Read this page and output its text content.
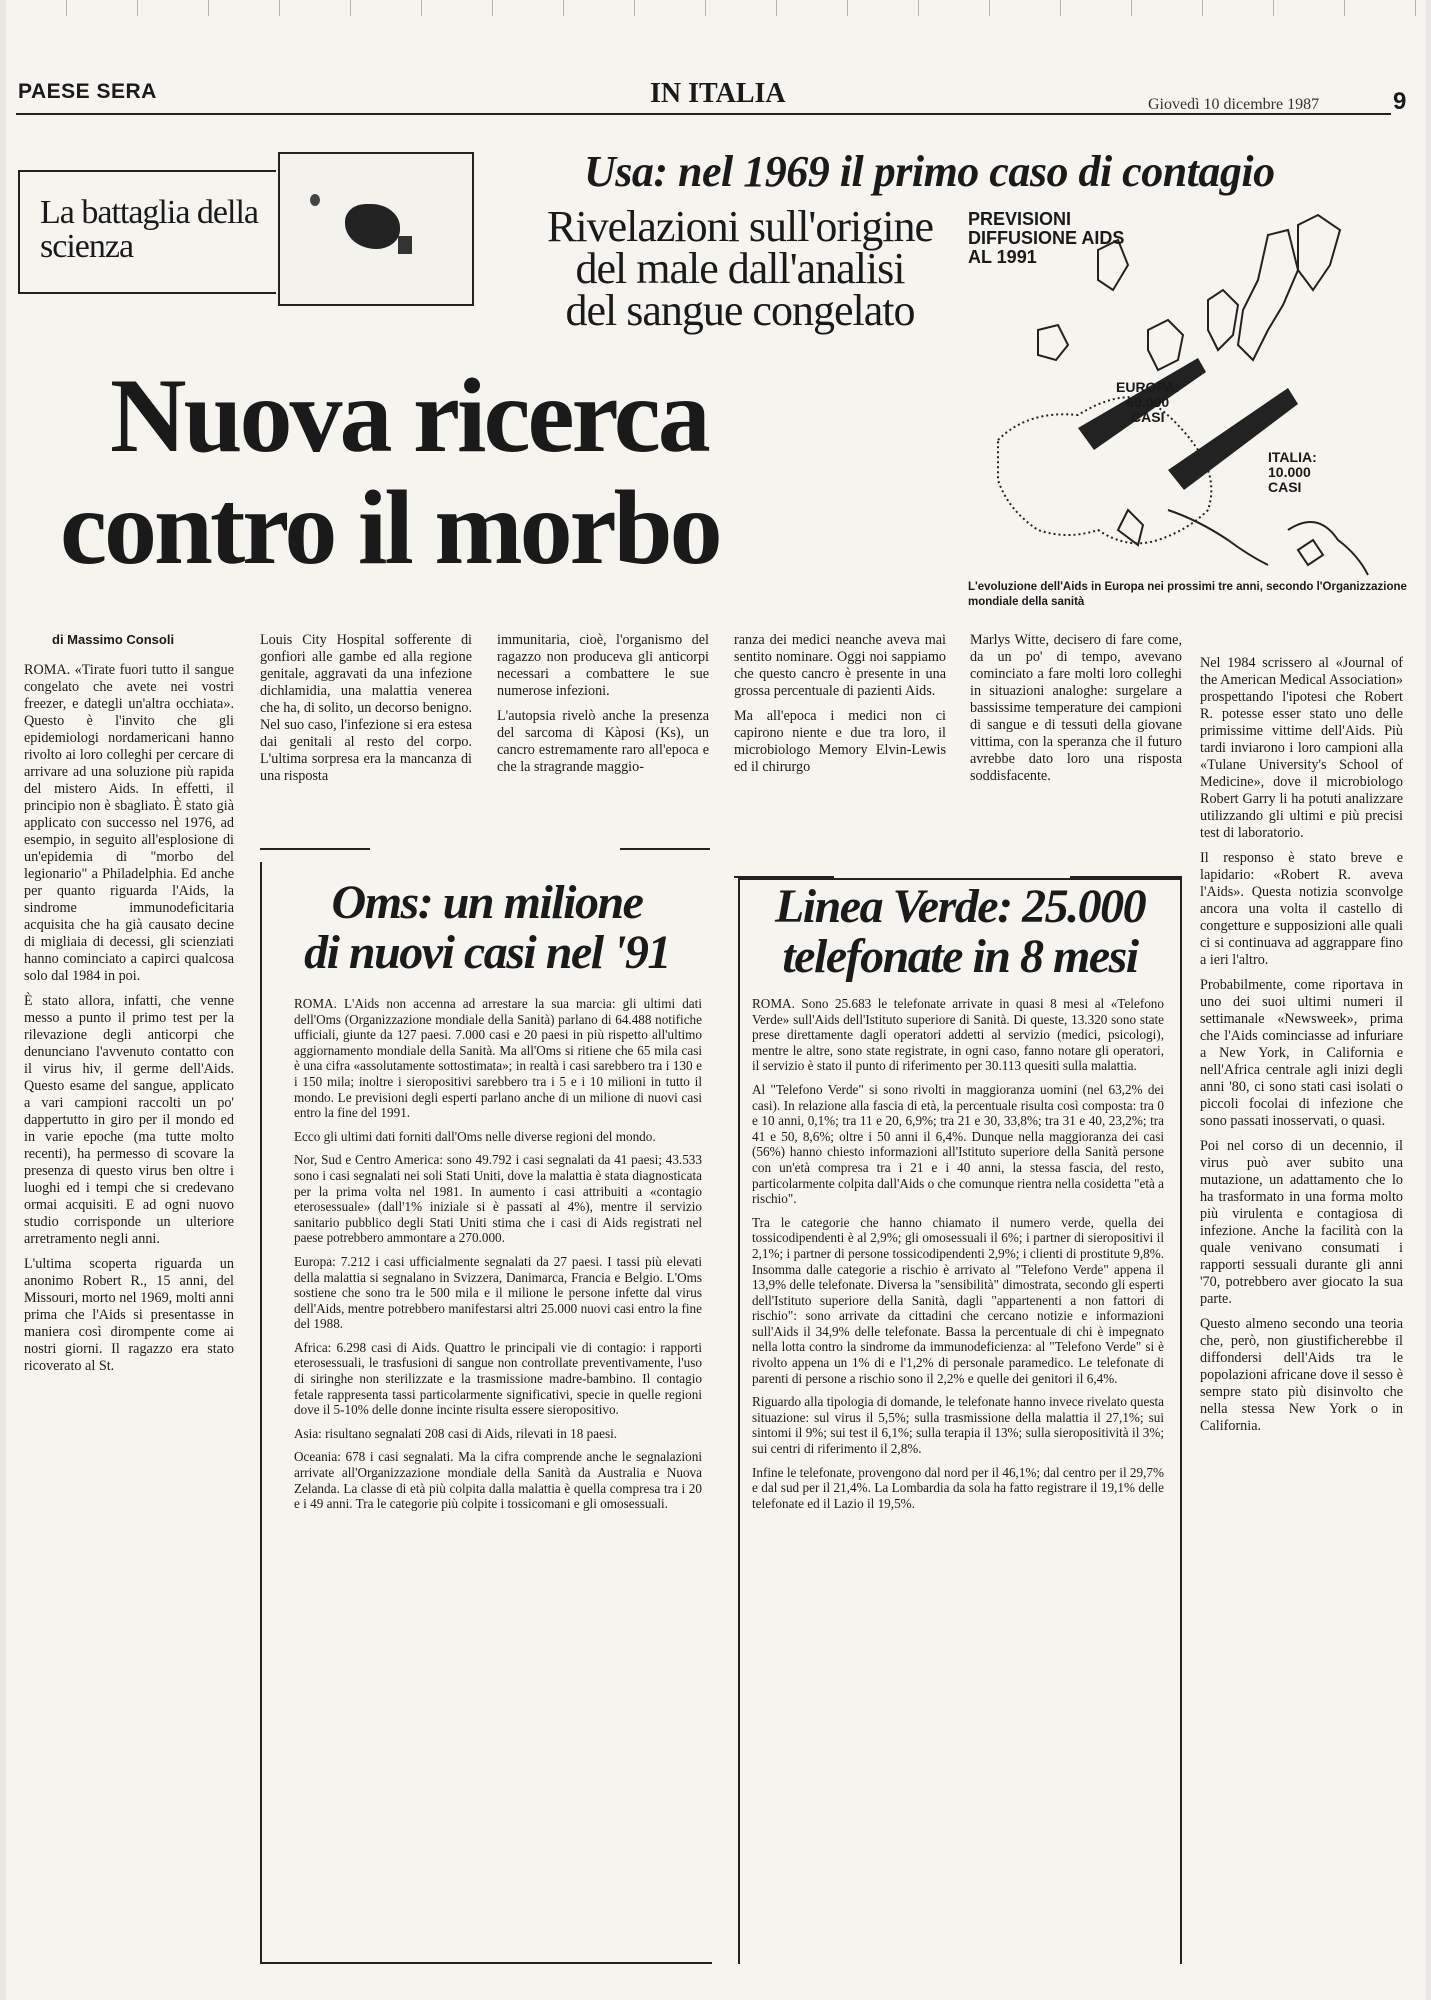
PAESE SERA	IN ITALIA	Giovedì 10 dicembre 1987	9
La battaglia della scienza
Usa: nel 1969 il primo caso di contagio
Rivelazioni sull'origine
del male dall'analisi
del sangue congelato
Nuova ricerca
contro il morbo
PREVISIONI
DIFFUSIONE AIDS
AL 1991
EUROPA:
60.000
CASI
ITALIA:
10.000
CASI
L'evoluzione dell'Aids in Europa nei prossimi tre anni, secondo l'Organizzazione mondiale della sanità
di Massimo Consoli

ROMA. «Tirate fuori tutto il sangue congelato che avete nei vostri freezer, e dategli un'altra occhiata». Questo è l'invito che gli epidemiologi nordamericani hanno rivolto ai loro colleghi per cercare di arrivare ad una soluzione più rapida del mistero Aids. In effetti, il principio non è sbagliato. È stato già applicato con successo nel 1976, ad esempio, in seguito all'esplosione di un'epidemia di "morbo del legionario" a Philadelphia. Ed anche per quanto riguarda l'Aids, la sindrome immunodeficitaria acquisita che ha già causato decine di migliaia di decessi, gli scienziati hanno cominciato a capirci qualcosa solo dal 1984 in poi.

È stato allora, infatti, che venne messo a punto il primo test per la rilevazione degli anticorpi che denunciano l'avvenuto contatto con il virus hiv, il germe dell'Aids. Questo esame del sangue, applicato a vari campioni raccolti un po' dappertutto in giro per il mondo ed in varie epoche (ma tutte molto recenti), ha permesso di scovare la presenza di questo virus ben oltre i luoghi ed i tempi che si credevano ormai acquisiti. E ad ogni nuovo studio corrisponde un ulteriore arretramento negli anni.

L'ultima scoperta riguarda un anonimo Robert R., 15 anni, del Missouri, morto nel 1969, molti anni prima che l'Aids si presentasse in maniera così dirompente come ai nostri giorni. Il ragazzo era stato ricoverato al St.

Louis City Hospital sofferente di gonfiori alle gambe ed alla regione genitale, aggravati da una infezione dichlamidia, una malattia venerea che ha, di solito, un decorso benigno. Nel suo caso, l'infezione si era estesa dai genitali al resto del corpo. L'ultima sorpresa era la mancanza di una risposta

immunitaria, cioè, l'organismo del ragazzo non produceva gli anticorpi necessari a combattere le sue numerose infezioni.

L'autopsia rivelò anche la presenza del sarcoma di Kàposi (Ks), un cancro estremamente raro all'epoca e che la stragrande maggio-

ranza dei medici neanche aveva mai sentito nominare. Oggi noi sappiamo che questo cancro è presente in una grossa percentuale di pazienti Aids.

Ma all'epoca i medici non ci capirono niente e due tra loro, il microbiologo Memory Elvin-Lewis ed il chirurgo

Marlys Witte, decisero di fare come, da un po' di tempo, avevano cominciato a fare molti loro colleghi in situazioni analoghe: surgelare a bassissime temperature dei campioni di sangue e di tessuti della giovane vittima, con la speranza che il futuro avrebbe dato loro una risposta soddisfacente.

Nel 1984 scrissero al «Journal of the American Medical Association» prospettando l'ipotesi che Robert R. potesse esser stato uno delle primissime vittime dell'Aids. Più tardi inviarono i loro campioni alla «Tulane University's School of Medicine», dove il microbiologo Robert Garry li ha potuti analizzare utilizzando gli ultimi e più precisi test di laboratorio.

Il responso è stato breve e lapidario: «Robert R. aveva l'Aids». Questa notizia sconvolge ancora una volta il castello di congetture e supposizioni alle quali ci si continuava ad aggrappare fino a ieri l'altro.

Probabilmente, come riportava in uno dei suoi ultimi numeri il settimanale «Newsweek», prima che l'Aids cominciasse ad infuriare a New York, in California e nell'Africa centrale agli inizi degli anni '80, ci sono stati casi isolati o piccoli focolai di infezione che sono passati inosservati, o quasi.

Poi nel corso di un decennio, il virus può aver subito una mutazione, un adattamento che lo ha trasformato in una forma molto più virulenta e contagiosa di infezione. Anche la facilità con la quale venivano consumati i rapporti sessuali durante gli anni '70, potrebbero aver giocato la sua parte.

Questo almeno secondo una teoria che, però, non giustificherebbe il diffondersi dell'Aids tra le popolazioni africane dove il sesso è sempre stato più disinvolto che nella stessa New York o in California.

Oms: un milione
di nuovi casi nel '91

ROMA. L'Aids non accenna ad arrestare la sua marcia: gli ultimi dati dell'Oms (Organizzazione mondiale della Sanità) parlano di 64.488 notifiche ufficiali, giunte da 127 paesi. 7.000 casi e 20 paesi in più rispetto all'ultimo aggiornamento mondiale della Sanità. Ma all'Oms si ritiene che 65 mila casi è una cifra «assolutamente sottostimata»; in realtà i casi sarebbero tra i 130 e i 150 mila; inoltre i sieropositivi sarebbero tra i 5 e i 10 milioni in tutto il mondo. Le previsioni degli esperti parlano anche di un milione di nuovi casi entro la fine del 1991.

Ecco gli ultimi dati forniti dall'Oms nelle diverse regioni del mondo.

Nor, Sud e Centro America: sono 49.792 i casi segnalati da 41 paesi; 43.533 sono i casi segnalati nei soli Stati Uniti, dove la malattia è stata diagnosticata per la prima volta nel 1981. In aumento i casi attribuiti a «contagio eterosessuale» (dall'1% iniziale si è passati al 4%), mentre il servizio sanitario pubblico degli Stati Uniti stima che i casi di Aids registrati nel paese potrebbero ammontare a 270.000.

Europa: 7.212 i casi ufficialmente segnalati da 27 paesi. I tassi più elevati della malattia si segnalano in Svizzera, Danimarca, Francia e Belgio. L'Oms sostiene che sono tra le 500 mila e il milione le persone infette dal virus dell'Aids, mentre potrebbero manifestarsi altri 25.000 nuovi casi entro la fine del 1988.

Africa: 6.298 casi di Aids. Quattro le principali vie di contagio: i rapporti eterosessuali, le trasfusioni di sangue non controllate preventivamente, l'uso di siringhe non sterilizzate e la trasmissione madre-bambino. Il contagio fetale rappresenta tassi particolarmente significativi, specie in quelle regioni dove il 5-10% delle donne incinte risulta essere sieropositivo.

Asia: risultano segnalati 208 casi di Aids, rilevati in 18 paesi.

Oceania: 678 i casi segnalati. Ma la cifra comprende anche le segnalazioni arrivate all'Organizzazione mondiale della Sanità da Australia e Nuova Zelanda. La classe di età più colpita dalla malattia è quella compresa tra i 20 e i 49 anni. Tra le categorie più colpite i tossicomani e gli omosessuali.

Linea Verde: 25.000
telefonate in 8 mesi

ROMA. Sono 25.683 le telefonate arrivate in quasi 8 mesi al «Telefono Verde» sull'Aids dell'Istituto superiore di Sanità. Di queste, 13.320 sono state prese direttamente dagli operatori addetti al servizio (medici, psicologi), mentre le altre, sono state registrate, in ogni caso, fanno notare gli operatori, il servizio è stato il punto di riferimento per 30.113 quesiti sulla malattia.

Al "Telefono Verde" si sono rivolti in maggioranza uomini (nel 63,2% dei casi). In relazione alla fascia di età, la percentuale risulta così composta: tra 0 e 10 anni, 0,1%; tra 11 e 20, 6,9%; tra 21 e 30, 33,8%; tra 31 e 40, 23,2%; tra 41 e 50, 8,6%; oltre i 50 anni il 6,4%. Dunque nella maggioranza dei casi (56%) hanno chiesto informazioni all'Istituto superiore della Sanità persone con un'età compresa tra i 21 e i 40 anni, la stessa fascia, del resto, particolarmente colpita dall'Aids o che comunque rientra nella cosidetta "età a rischio".

Tra le categorie che hanno chiamato il numero verde, quella dei tossicodipendenti è al 2,9%; gli omosessuali il 6%; i partner di sieropositivi il 2,1%; i partner di persone tossicodipendenti 2,9%; i clienti di prostitute 9,8%. Insomma dalle categorie a rischio è arrivato al "Telefono Verde" appena il 13,9% delle telefonate. Diversa la "sensibilità" dimostrata, secondo gli esperti dell'Istituto superiore della Sanità, dagli "appartenenti a non fattori di rischio": sono arrivate da cittadini che cercano notizie e informazioni sull'Aids il 34,9% delle telefonate. Bassa la percentuale di chi è impegnato nella lotta contro la sindrome da immunodeficienza: al "Telefono Verde" si è rivolto appena un 1% di e l'1,2% di personale paramedico. Le telefonate di parenti di persone a rischio sono il 2,2% e quelle dei genitori il 6,4%.

Riguardo alla tipologia di domande, le telefonate hanno invece rivelato questa situazione: sul virus il 5,5%; sulla trasmissione della malattia il 27,1%; sui sintomi il 9%; sui test il 6,1%; sulla terapia il 13%; sulla sieropositività il 3%; sui centri di riferimento il 2,8%.

Infine le telefonate, provengono dal nord per il 46,1%; dal centro per il 29,7% e dal sud per il 21,4%. La Lombardia da sola ha fatto registrare il 19,1% delle telefonate ed il Lazio il 19,5%.
